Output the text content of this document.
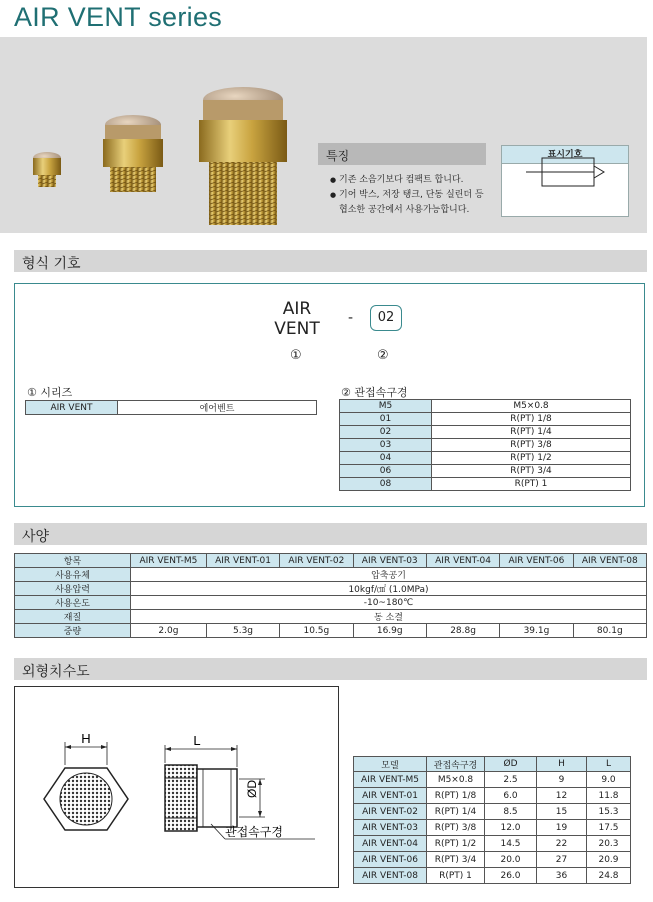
AIR VENT series
특징
● 기존 소음기보다 컴팩트 합니다.
● 기어 박스, 저장 탱크, 단동 실린더 등 협소한 공간에서 사용가능합니다.
표시기호
형식 기호
AIR
VENT
-	02
①	②
① 시리즈
AIR VENT	에어벤트
② 관접속구경
M5	M5×0.8
01	R(PT) 1/8
02	R(PT) 1/4
03	R(PT) 3/8
04	R(PT) 1/2
06	R(PT) 3/4
08	R(PT) 1
사양
항목	AIR VENT-M5	AIR VENT-01	AIR VENT-02	AIR VENT-03	AIR VENT-04	AIR VENT-06	AIR VENT-08
사용유체	압축공기						
사용압력	10kgf/㎠ (1.0MPa)						
사용온도	-10~180℃						
재질	동 소결						
중량	2.0g	5.3g	10.5g	16.9g	28.8g	39.1g	80.1g
외형치수도
H	L
ØD
관접속구경
모델	관접속구경	ØD	H	L
AIR VENT-M5	M5×0.8	2.5	9	9.0
AIR VENT-01	R(PT) 1/8	6.0	12	11.8
AIR VENT-02	R(PT) 1/4	8.5	15	15.3
AIR VENT-03	R(PT) 3/8	12.0	19	17.5
AIR VENT-04	R(PT) 1/2	14.5	22	20.3
AIR VENT-06	R(PT) 3/4	20.0	27	20.9
AIR VENT-08	R(PT) 1	26.0	36	24.8
